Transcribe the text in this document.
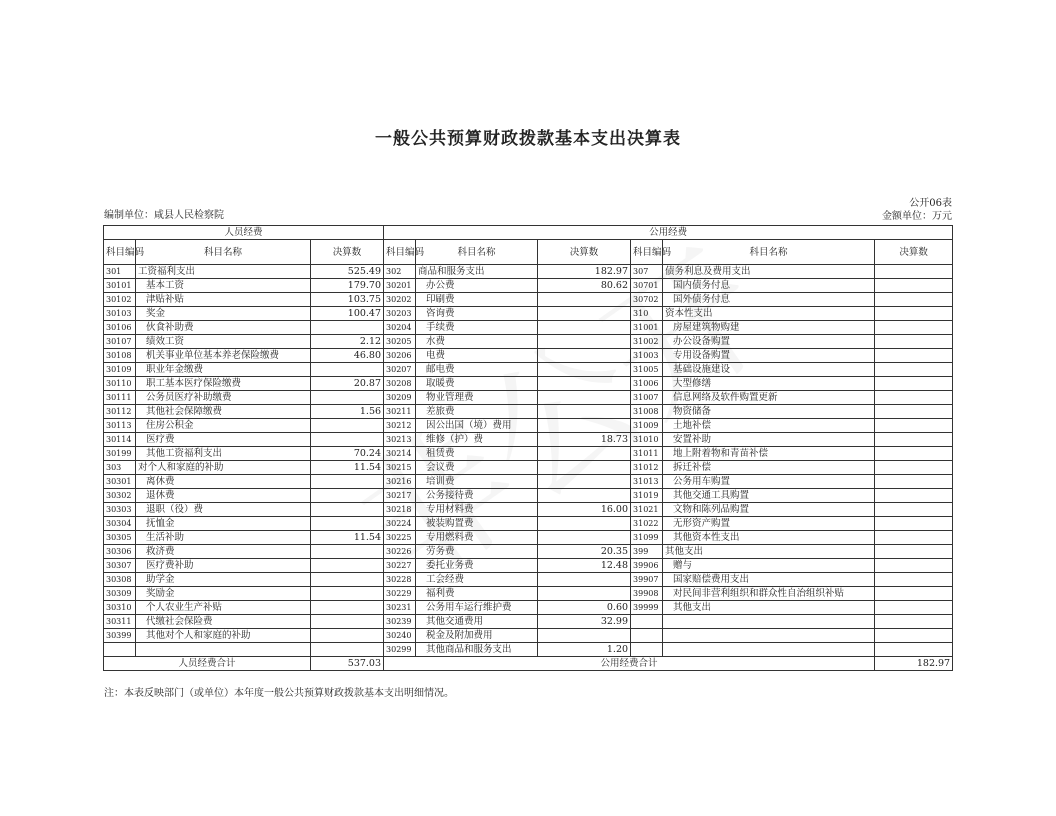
一般公共预算财政拨款基本支出决算表
公开06表
编制单位：咸县人民检察院	金额单位：万元
人员经费			公用经费					
科目编码	科目名称	决算数	科目编码	科目名称	决算数	科目编码	科目名称	决算数
301	工资福利支出	525.49	302	商品和服务支出	182.97	307	债务利息及费用支出	
30101	基本工资	179.70	30201	办公费	80.62	30701	国内债务付息	
30102	津贴补贴	103.75	30202	印刷费		30702	国外债务付息	
30103	奖金	100.47	30203	咨询费		310	资本性支出	
30106	伙食补助费		30204	手续费		31001	房屋建筑物购建	
30107	绩效工资	2.12	30205	水费		31002	办公设备购置	
30108	机关事业单位基本养老保险缴费	46.80	30206	电费		31003	专用设备购置	
30109	职业年金缴费		30207	邮电费		31005	基础设施建设	
30110	职工基本医疗保险缴费	20.87	30208	取暖费		31006	大型修缮	
30111	公务员医疗补助缴费		30209	物业管理费		31007	信息网络及软件购置更新	
30112	其他社会保障缴费	1.56	30211	差旅费		31008	物资储备	
30113	住房公积金		30212	因公出国（境）费用		31009	土地补偿	
30114	医疗费		30213	维修（护）费	18.73	31010	安置补助	
30199	其他工资福利支出	70.24	30214	租赁费		31011	地上附着物和青苗补偿	
303	对个人和家庭的补助	11.54	30215	会议费		31012	拆迁补偿	
30301	离休费		30216	培训费		31013	公务用车购置	
30302	退休费		30217	公务接待费		31019	其他交通工具购置	
30303	退职（役）费		30218	专用材料费	16.00	31021	文物和陈列品购置	
30304	抚恤金		30224	被装购置费		31022	无形资产购置	
30305	生活补助	11.54	30225	专用燃料费		31099	其他资本性支出	
30306	救济费		30226	劳务费	20.35	399	其他支出	
30307	医疗费补助		30227	委托业务费	12.48	39906	赠与	
30308	助学金		30228	工会经费		39907	国家赔偿费用支出	
30309	奖励金		30229	福利费		39908	对民间非营利组织和群众性自治组织补贴	
30310	个人农业生产补贴		30231	公务用车运行维护费	0.60	39999	其他支出	
30311	代缴社会保险费		30239	其他交通费用	32.99			
30399	其他对个人和家庭的补助		30240	税金及附加费用				
			30299	其他商品和服务支出	1.20			
人员经费合计		537.03	公用经费合计					182.97
注：本表反映部门（或单位）本年度一般公共预算财政拨款基本支出明细情况。
